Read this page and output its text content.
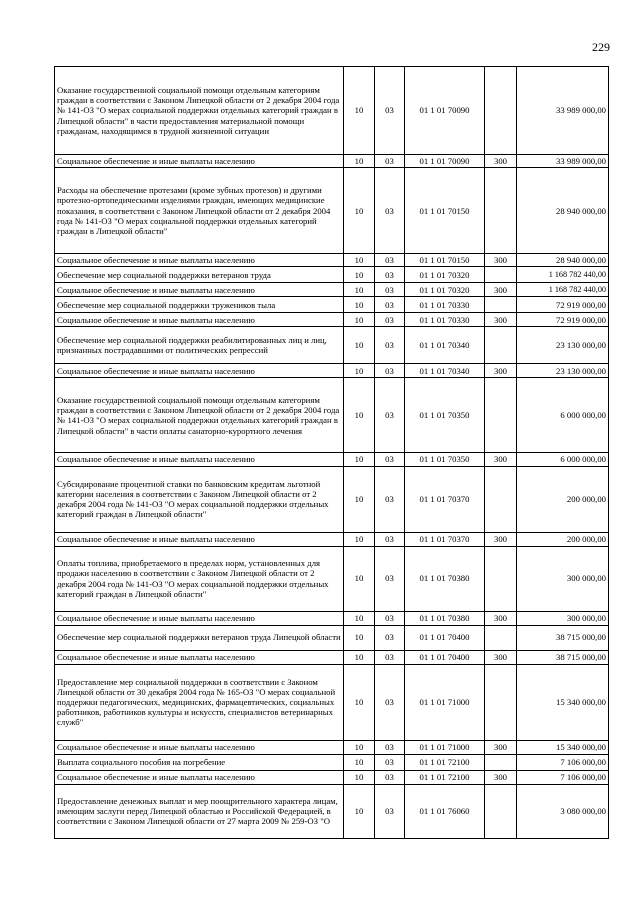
229
Оказание государственной социальной помощи отдельным категориям граждан в соответствии с Законом Липецкой области от 2 декабря 2004 года № 141-ОЗ "О мерах социальной поддержки отдельных категорий граждан в Липецкой области" в части предоставления материальной помощи гражданам, находящимся в трудной жизненной ситуации	10	03	01 1 01 70090		33 989 000,00
Социальное обеспечение и иные выплаты населению	10	03	01 1 01 70090	300	33 989 000,00
Расходы на обеспечение протезами (кроме зубных протезов) и другими протезно-ортопедическими изделиями граждан, имеющих медицинские показания, в соответствии с Законом Липецкой области от 2 декабря 2004 года № 141-ОЗ "О мерах социальной поддержки отдельных категорий граждан в Липецкой области"	10	03	01 1 01 70150		28 940 000,00
Социальное обеспечение и иные выплаты населению	10	03	01 1 01 70150	300	28 940 000,00
Обеспечение мер социальной поддержки ветеранов труда	10	03	01 1 01 70320		1 168 782 440,00
Социальное обеспечение и иные выплаты населению	10	03	01 1 01 70320	300	1 168 782 440,00
Обеспечение мер социальной поддержки тружеников тыла	10	03	01 1 01 70330		72 919 000,00
Социальное обеспечение и иные выплаты населению	10	03	01 1 01 70330	300	72 919 000,00
Обеспечение мер социальной поддержки реабилитированных лиц и лиц, признанных пострадавшими от политических репрессий	10	03	01 1 01 70340		23 130 000,00
Социальное обеспечение и иные выплаты населению	10	03	01 1 01 70340	300	23 130 000,00
Оказание государственной социальной помощи отдельным категориям граждан в соответствии с Законом Липецкой области от 2 декабря 2004 года № 141-ОЗ "О мерах социальной поддержки отдельных категорий граждан в Липецкой области" в части оплаты санаторно-курортного лечения	10	03	01 1 01 70350		6 000 000,00
Социальное обеспечение и иные выплаты населению	10	03	01 1 01 70350	300	6 000 000,00
Субсидирование процентной ставки по банковским кредитам льготной категории населения в соответствии с Законом Липецкой области от 2 декабря 2004 года № 141-ОЗ "О мерах социальной поддержки отдельных категорий граждан в Липецкой области"	10	03	01 1 01 70370		200 000,00
Социальное обеспечение и иные выплаты населению	10	03	01 1 01 70370	300	200 000,00
Оплаты топлива, приобретаемого в пределах норм, установленных для продажи населению в соответствии с Законом Липецкой области от 2 декабря 2004 года № 141-ОЗ "О мерах социальной поддержки отдельных категорий граждан в Липецкой области"	10	03	01 1 01 70380		300 000,00
Социальное обеспечение и иные выплаты населению	10	03	01 1 01 70380	300	300 000,00
Обеспечение мер социальной поддержки ветеранов труда Липецкой области	10	03	01 1 01 70400		38 715 000,00
Социальное обеспечение и иные выплаты населению	10	03	01 1 01 70400	300	38 715 000,00
Предоставление мер социальной поддержки в соответствии с Законом Липецкой области от 30 декабря 2004 года № 165-ОЗ "О мерах социальной поддержки педагогических, медицинских, фармацевтических, социальных работников, работников культуры и искусств, специалистов ветеринарных служб"	10	03	01 1 01 71000		15 340 000,00
Социальное обеспечение и иные выплаты населению	10	03	01 1 01 71000	300	15 340 000,00
Выплата социального пособия на погребение	10	03	01 1 01 72100		7 106 000,00
Социальное обеспечение и иные выплаты населению	10	03	01 1 01 72100	300	7 106 000,00
Предоставление денежных выплат и мер поощрительного характера лицам, имеющим заслуги перед Липецкой областью и Российской Федерацией, в соответствии с Законом Липецкой области от 27 марта 2009 № 259-ОЗ "О	10	03	01 1 01 76060		3 080 000,00
